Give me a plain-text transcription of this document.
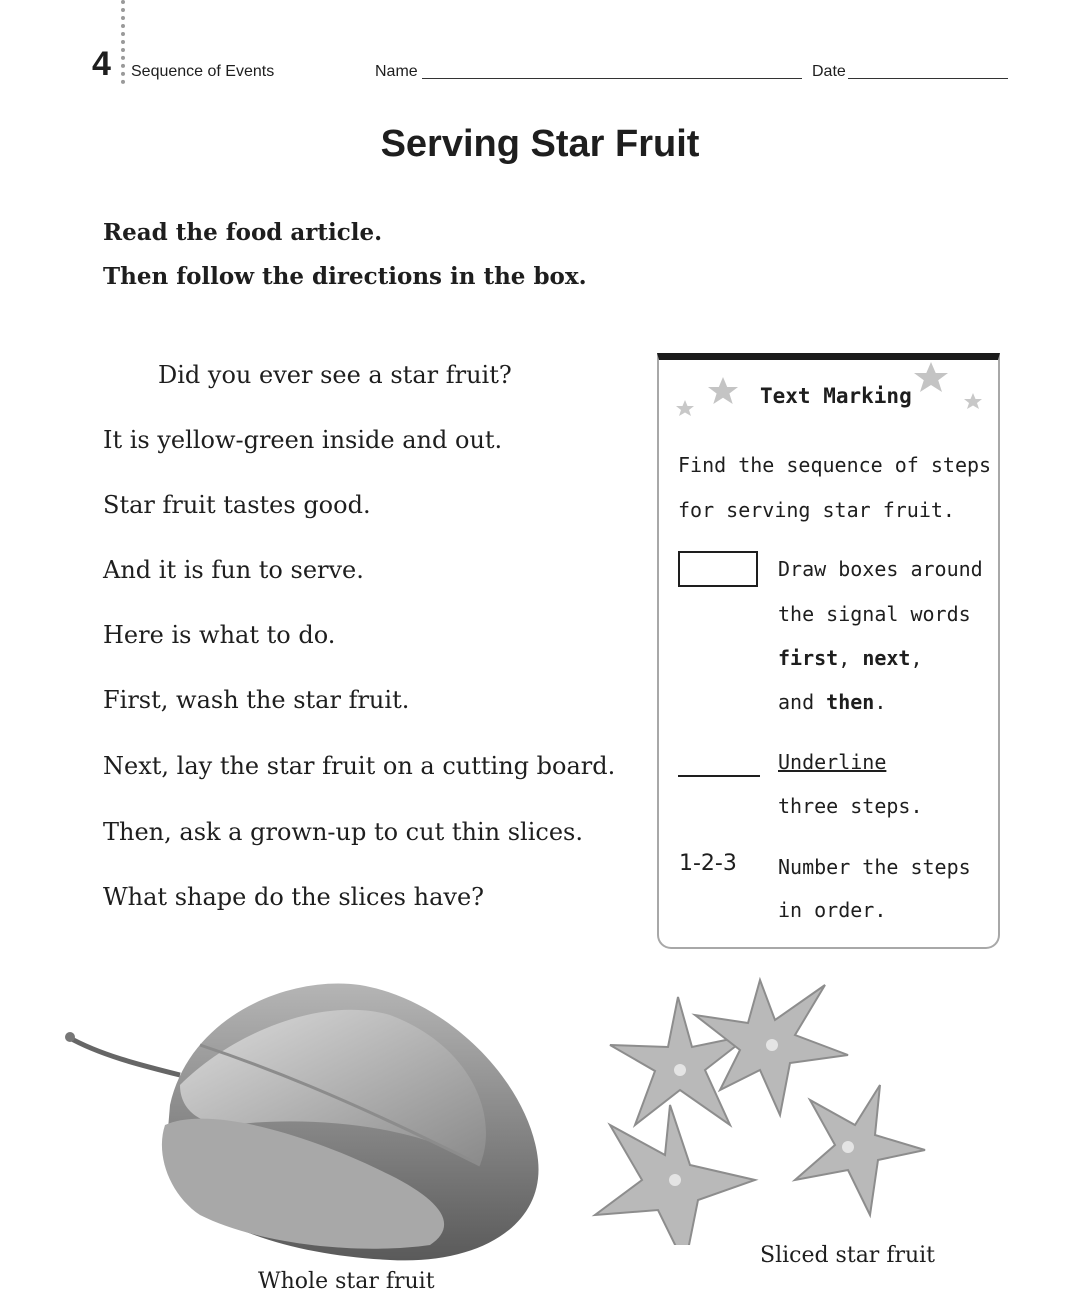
4 Sequence of Events	Name	Date
Serving Star Fruit
Read the food article.
Then follow the directions in the box.
Did you ever see a star fruit?
It is yellow-green inside and out.
Star fruit tastes good.
And it is fun to serve.
Here is what to do.
First, wash the star fruit.
Next, lay the star fruit on a cutting board.
Then, ask a grown-up to cut thin slices.
What shape do the slices have?
Text Marking
Find the sequence of steps
for serving star fruit.
Draw boxes around
the signal words
first, next,
and then.
Underline
three steps.
1-2-3 Number the steps
in order.
Whole star fruit
Sliced star fruit
